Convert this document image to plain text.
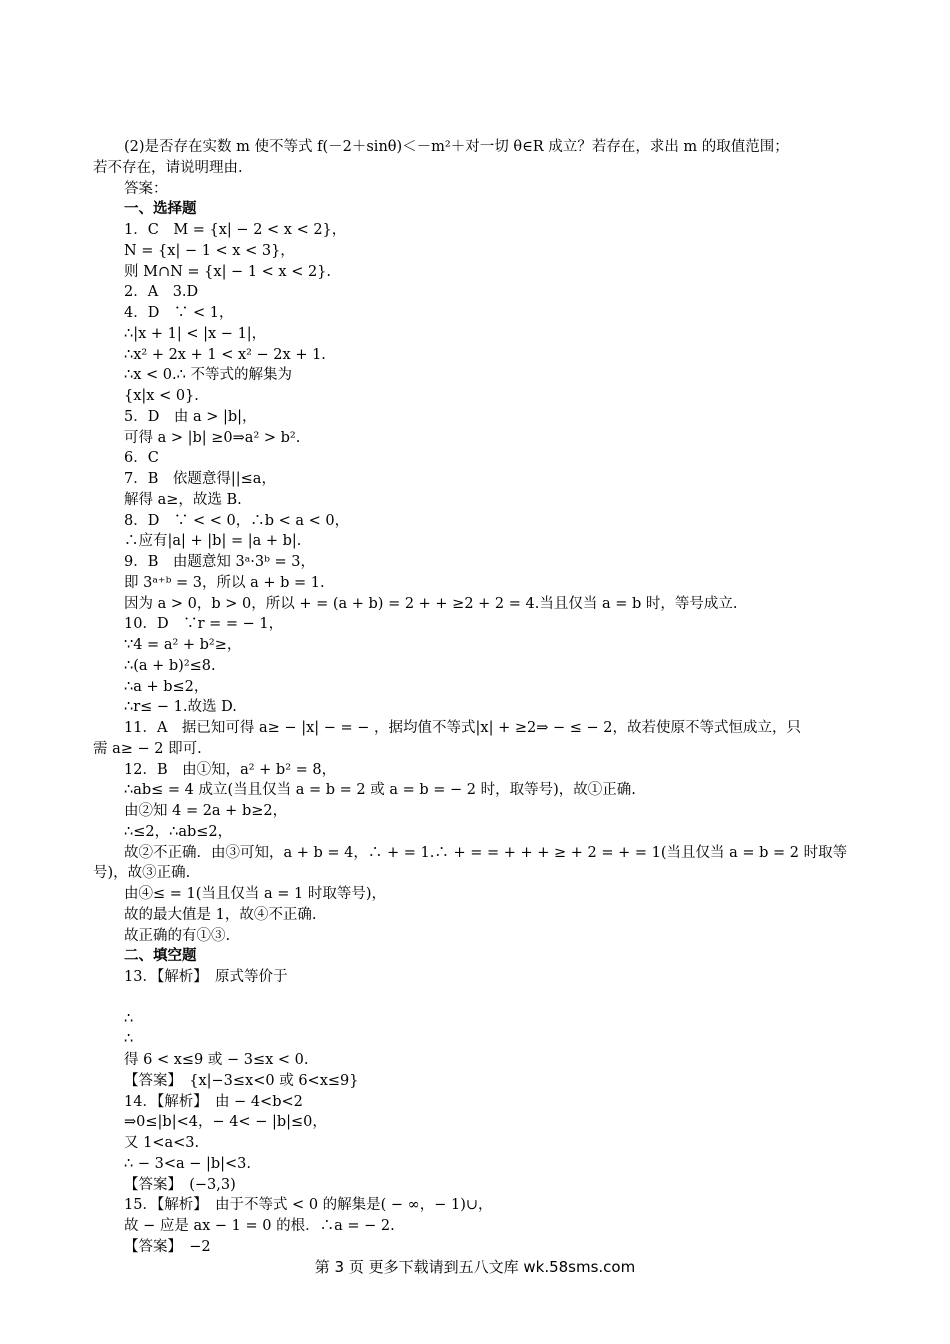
(2)是否存在实数 m 使不等式 f(－2＋sinθ)＜－m²＋对一切 θ∈R 成立？若存在，求出 m 的取值范围；
若不存在，请说明理由.
答案：
一、选择题
1．C　M = {x| − 2 < x < 2}，
N = {x| − 1 < x < 3}，
则 M∩N = {x| − 1 < x < 2}.
2．A　3.D
4．D　∵ < 1，
∴|x + 1| < |x − 1|，
∴x² + 2x + 1 < x² − 2x + 1.
∴x < 0.∴ 不等式的解集为
{x|x < 0}.
5．D　由 a > |b|，
可得 a > |b| ≥0⇒a² > b².
6．C
7．B　依题意得||≤a，
解得 a≥，故选 B.
8．D　∵ < < 0，∴b < a < 0，
∴应有|a| + |b| = |a + b|.
9．B　由题意知 3ᵃ·3ᵇ = 3，
即 3ᵃ⁺ᵇ = 3，所以 a + b = 1.
因为 a > 0，b > 0，所以 + = (a + b) = 2 + + ≥2 + 2 = 4.当且仅当 a = b 时，等号成立.
10．D　∵r = = − 1，
∵4 = a² + b²≥，
∴(a + b)²≤8.
∴a + b≤2，
∴r≤ − 1.故选 D.
11．A　据已知可得 a≥ − |x| − = − ，据均值不等式|x| + ≥2⇒ − ≤ − 2，故若使原不等式恒成立，只
需 a≥ − 2 即可.
12．B　由①知，a² + b² = 8，
∴ab≤ = 4 成立(当且仅当 a = b = 2 或 a = b = − 2 时，取等号)，故①正确.
由②知 4 = 2a + b≥2，
∴≤2，∴ab≤2，
故②不正确．由③可知，a + b = 4，∴ + = 1.∴ + = = + + + ≥ + 2 = + = 1(当且仅当 a = b = 2 时取等
号)，故③正确.
由④≤ = 1(当且仅当 a = 1 时取等号)，
故的最大值是 1，故④不正确.
故正确的有①③.
二、填空题
13．【解析】　原式等价于
∴
∴
得 6 < x≤9 或 − 3≤x < 0.
【答案】　{x|−3≤x<0 或 6<x≤9}
14．【解析】　由 − 4<b<2
⇒0≤|b|<4，− 4< − |b|≤0，
又 1<a<3.
∴ − 3<a − |b|<3.
【答案】　(−3,3)
15．【解析】　由于不等式 < 0 的解集是( − ∞，− 1)∪，
故 − 应是 ax − 1 = 0 的根．∴a = − 2.
【答案】　−2
第 3 页 更多下载请到五八文库 wk.58sms.com
